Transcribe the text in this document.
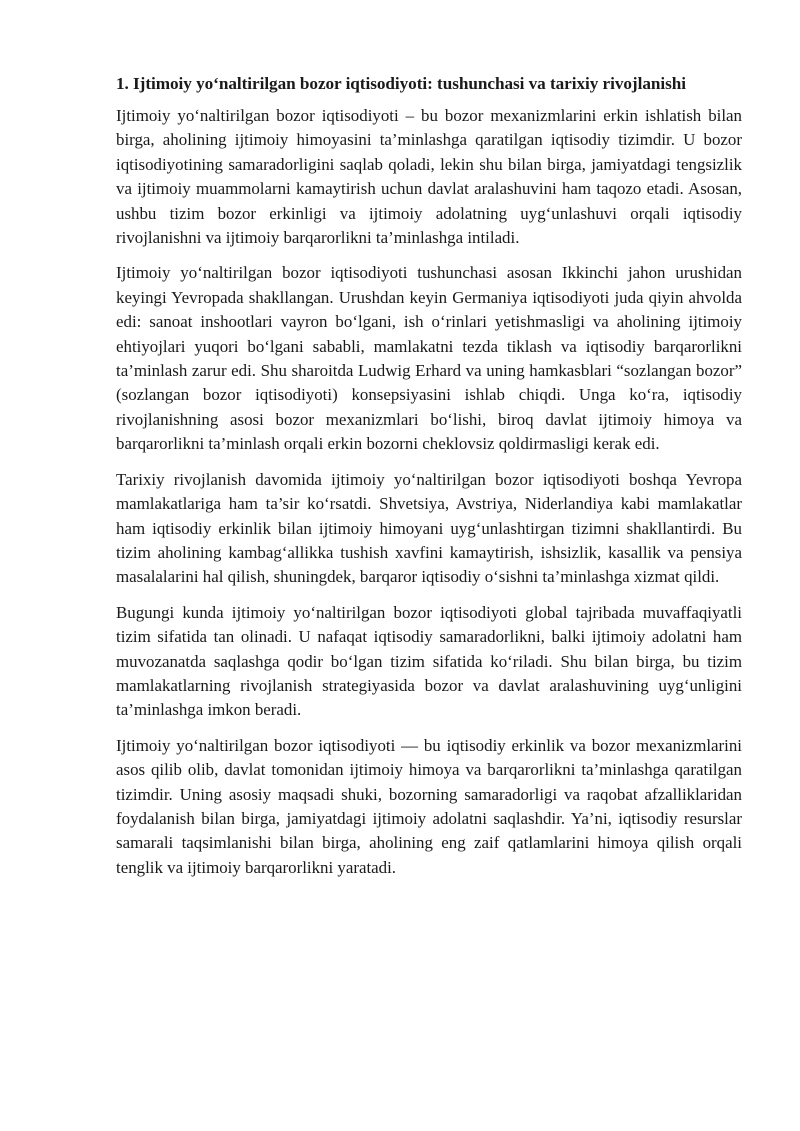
1. Ijtimoiy yo‘naltirilgan bozor iqtisodiyoti: tushunchasi va tarixiy rivojlanishi

Ijtimoiy yo‘naltirilgan bozor iqtisodiyoti – bu bozor mexanizmlarini erkin ishlatish bilan birga, aholining ijtimoiy himoyasini ta’minlashga qaratilgan iqtisodiy tizimdir. U bozor iqtisodiyotining samaradorligini saqlab qoladi, lekin shu bilan birga, jamiyatdagi tengsizlik va ijtimoiy muammolarni kamaytirish uchun davlat aralashuvini ham taqozo etadi. Asosan, ushbu tizim bozor erkinligi va ijtimoiy adolatning uyg‘unlashuvi orqali iqtisodiy rivojlanishni va ijtimoiy barqarorlikni ta’minlashga intiladi.

Ijtimoiy yo‘naltirilgan bozor iqtisodiyoti tushunchasi asosan Ikkinchi jahon urushidan keyingi Yevropada shakllangan. Urushdan keyin Germaniya iqtisodiyoti juda qiyin ahvolda edi: sanoat inshootlari vayron bo‘lgani, ish o‘rinlari yetishmasligi va aholining ijtimoiy ehtiyojlari yuqori bo‘lgani sababli, mamlakatni tezda tiklash va iqtisodiy barqarorlikni ta’minlash zarur edi. Shu sharoitda Ludwig Erhard va uning hamkasblari “sozlangan bozor” (sozlangan bozor iqtisodiyoti) konsepsiyasini ishlab chiqdi. Unga ko‘ra, iqtisodiy rivojlanishning asosi bozor mexanizmlari bo‘lishi, biroq davlat ijtimoiy himoya va barqarorlikni ta’minlash orqali erkin bozorni cheklovsiz qoldirmasligi kerak edi.

Tarixiy rivojlanish davomida ijtimoiy yo‘naltirilgan bozor iqtisodiyoti boshqa Yevropa mamlakatlariga ham ta’sir ko‘rsatdi. Shvetsiya, Avstriya, Niderlandiya kabi mamlakatlar ham iqtisodiy erkinlik bilan ijtimoiy himoyani uyg‘unlashtirgan tizimni shakllantirdi. Bu tizim aholining kambag‘allikka tushish xavfini kamaytirish, ishsizlik, kasallik va pensiya masalalarini hal qilish, shuningdek, barqaror iqtisodiy o‘sishni ta’minlashga xizmat qildi.

Bugungi kunda ijtimoiy yo‘naltirilgan bozor iqtisodiyoti global tajribada muvaffaqiyatli tizim sifatida tan olinadi. U nafaqat iqtisodiy samaradorlikni, balki ijtimoiy adolatni ham muvozanatda saqlashga qodir bo‘lgan tizim sifatida ko‘riladi. Shu bilan birga, bu tizim mamlakatlarning rivojlanish strategiyasida bozor va davlat aralashuvining uyg‘unligini ta’minlashga imkon beradi.

Ijtimoiy yo‘naltirilgan bozor iqtisodiyoti — bu iqtisodiy erkinlik va bozor mexanizmlarini asos qilib olib, davlat tomonidan ijtimoiy himoya va barqarorlikni ta’minlashga qaratilgan tizimdir. Uning asosiy maqsadi shuki, bozorning samaradorligi va raqobat afzalliklaridan foydalanish bilan birga, jamiyatdagi ijtimoiy adolatni saqlashdir. Ya’ni, iqtisodiy resurslar samarali taqsimlanishi bilan birga, aholining eng zaif qatlamlarini himoya qilish orqali tenglik va ijtimoiy barqarorlikni yaratadi.
